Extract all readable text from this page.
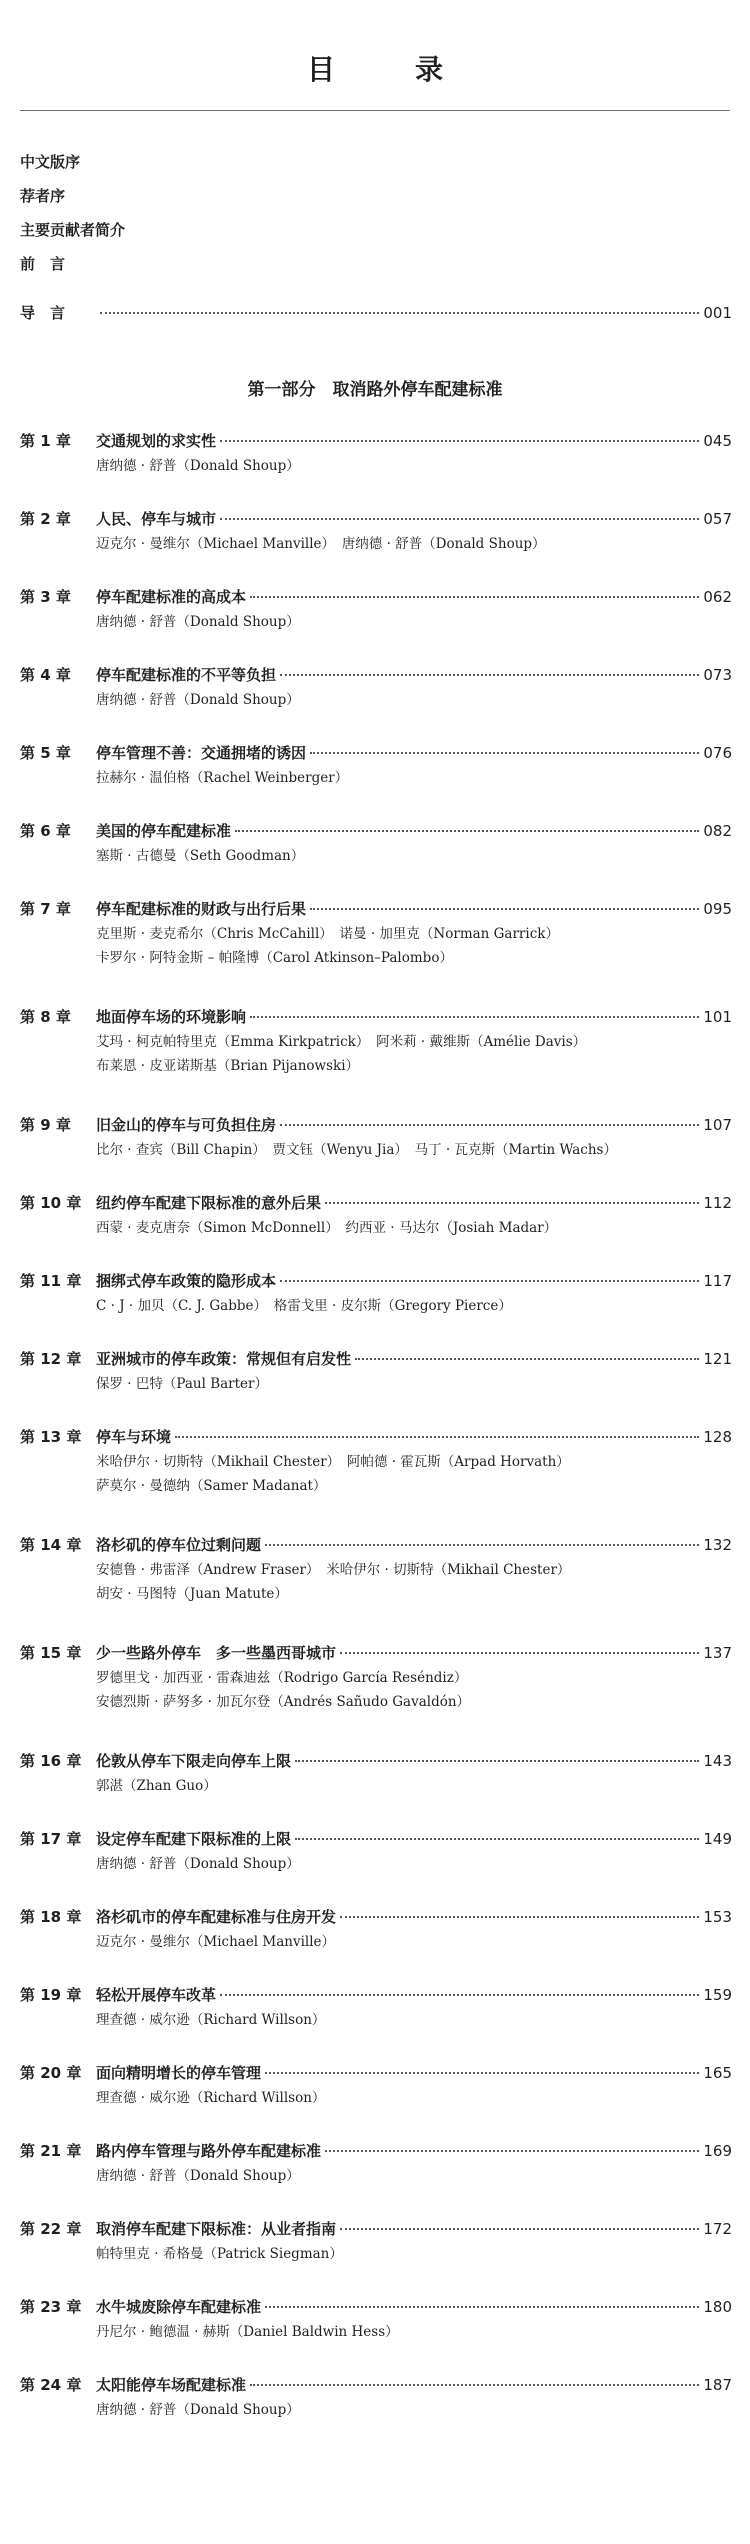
目　录
中文版序
荐者序
主要贡献者简介
前　言
导　言	001
第一部分　取消路外停车配建标准
第 1 章	交通规划的求实性	045
唐纳德 · 舒普（Donald Shoup）
第 2 章	人民、停车与城市	057
迈克尔 · 曼维尔（Michael Manville）　唐纳德 · 舒普（Donald Shoup）
第 3 章	停车配建标准的高成本	062
唐纳德 · 舒普（Donald Shoup）
第 4 章	停车配建标准的不平等负担	073
唐纳德 · 舒普（Donald Shoup）
第 5 章	停车管理不善：交通拥堵的诱因	076
拉赫尔 · 温伯格（Rachel Weinberger）
第 6 章	美国的停车配建标准	082
塞斯 · 古德曼（Seth Goodman）
第 7 章	停车配建标准的财政与出行后果	095
克里斯 · 麦克希尔（Chris McCahill）　诺曼 · 加里克（Norman Garrick）
卡罗尔 · 阿特金斯 – 帕隆博（Carol Atkinson–Palombo）
第 8 章	地面停车场的环境影响	101
艾玛 · 柯克帕特里克（Emma Kirkpatrick）　阿米莉 · 戴维斯（Amélie Davis）
布莱恩 · 皮亚诺斯基（Brian Pijanowski）
第 9 章	旧金山的停车与可负担住房	107
比尔 · 查宾（Bill Chapin）　贾文钰（Wenyu Jia）　马丁 · 瓦克斯（Martin Wachs）
第 10 章 纽约停车配建下限标准的意外后果	112
西蒙 · 麦克唐奈（Simon McDonnell）　约西亚 · 马达尔（Josiah Madar）
第 11 章 捆绑式停车政策的隐形成本	117
C · J · 加贝（C. J. Gabbe）　格雷戈里 · 皮尔斯（Gregory Pierce）
第 12 章 亚洲城市的停车政策：常规但有启发性	121
保罗 · 巴特（Paul Barter）
第 13 章 停车与环境	128
米哈伊尔 · 切斯特（Mikhail Chester）　阿帕德 · 霍瓦斯（Arpad Horvath）
萨莫尔 · 曼德纳（Samer Madanat）
第 14 章 洛杉矶的停车位过剩问题	132
安德鲁 · 弗雷泽（Andrew Fraser）　米哈伊尔 · 切斯特（Mikhail Chester）
胡安 · 马图特（Juan Matute）
第 15 章 少一些路外停车　多一些墨西哥城市	137
罗德里戈 · 加西亚 · 雷森迪兹（Rodrigo García Reséndiz）
安德烈斯 · 萨努多 · 加瓦尔登（Andrés Sañudo Gavaldón）
第 16 章 伦敦从停车下限走向停车上限	143
郭湛（Zhan Guo）
第 17 章 设定停车配建下限标准的上限	149
唐纳德 · 舒普（Donald Shoup）
第 18 章 洛杉矶市的停车配建标准与住房开发	153
迈克尔 · 曼维尔（Michael Manville）
第 19 章 轻松开展停车改革	159
理查德 · 威尔逊（Richard Willson）
第 20 章 面向精明增长的停车管理	165
理查德 · 威尔逊（Richard Willson）
第 21 章 路内停车管理与路外停车配建标准	169
唐纳德 · 舒普（Donald Shoup）
第 22 章 取消停车配建下限标准：从业者指南	172
帕特里克 · 希格曼（Patrick Siegman）
第 23 章 水牛城废除停车配建标准	180
丹尼尔 · 鲍德温 · 赫斯（Daniel Baldwin Hess）
第 24 章 太阳能停车场配建标准	187
唐纳德 · 舒普（Donald Shoup）
